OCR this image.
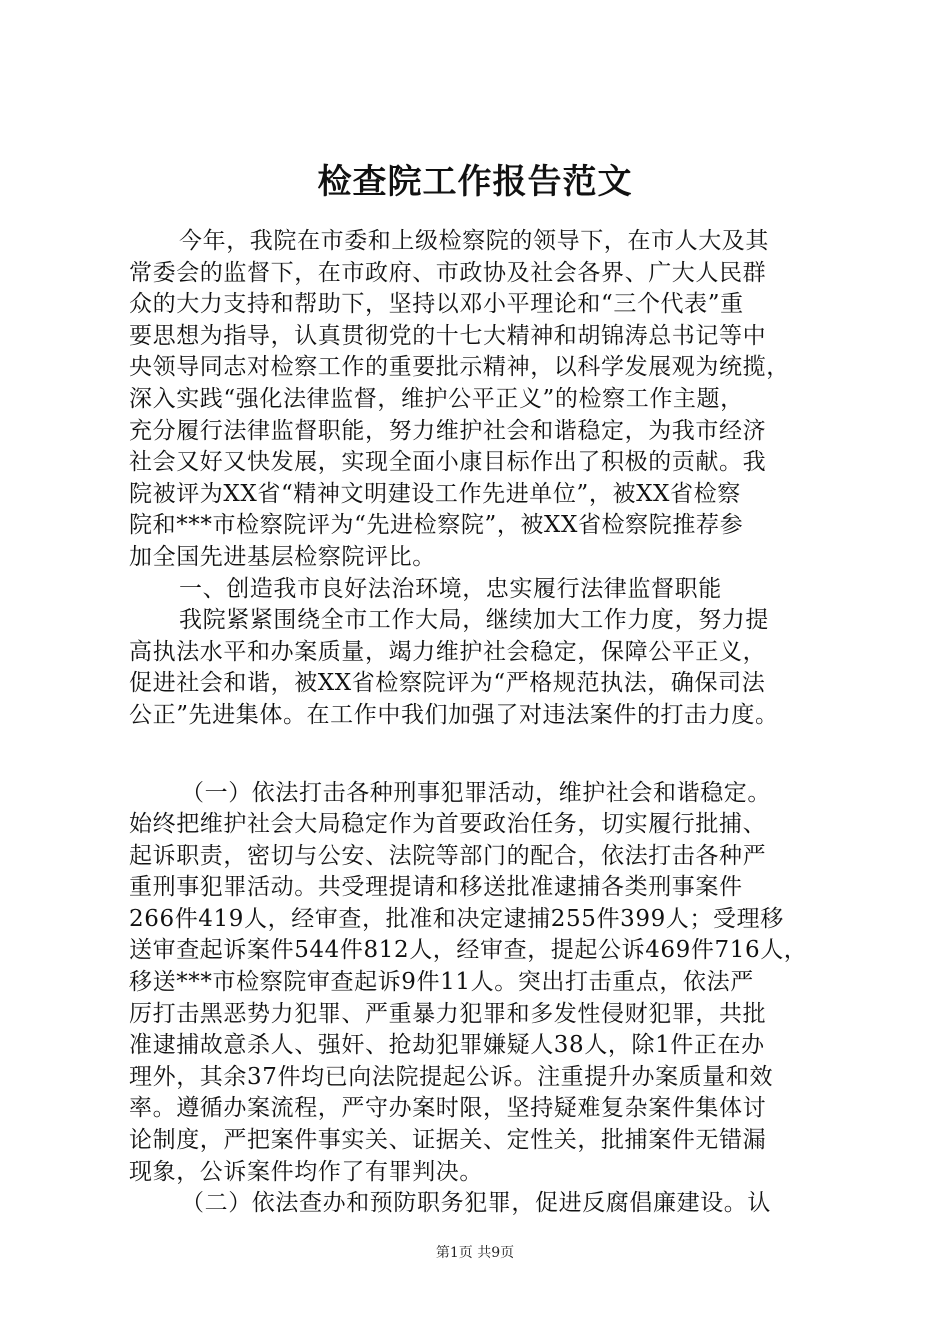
检查院工作报告范文
今年，我院在市委和上级检察院的领导下，在市人大及其
常委会的监督下，在市政府、市政协及社会各界、广大人民群
众的大力支持和帮助下，坚持以邓小平理论和“三个代表”重
要思想为指导，认真贯彻党的十七大精神和胡锦涛总书记等中
央领导同志对检察工作的重要批示精神，以科学发展观为统揽，
深入实践“强化法律监督，维护公平正义”的检察工作主题，
充分履行法律监督职能，努力维护社会和谐稳定，为我市经济
社会又好又快发展，实现全面小康目标作出了积极的贡献。我
院被评为XX省“精神文明建设工作先进单位”，被XX省检察
院和***市检察院评为“先进检察院”，被XX省检察院推荐参
加全国先进基层检察院评比。
一、创造我市良好法治环境，忠实履行法律监督职能
我院紧紧围绕全市工作大局，继续加大工作力度，努力提
高执法水平和办案质量，竭力维护社会稳定，保障公平正义，
促进社会和谐，被XX省检察院评为“严格规范执法，确保司法
公正”先进集体。在工作中我们加强了对违法案件的打击力度。
（一）依法打击各种刑事犯罪活动，维护社会和谐稳定。
始终把维护社会大局稳定作为首要政治任务，切实履行批捕、
起诉职责，密切与公安、法院等部门的配合，依法打击各种严
重刑事犯罪活动。共受理提请和移送批准逮捕各类刑事案件
266件419人，经审查，批准和决定逮捕255件399人；受理移
送审查起诉案件544件812人，经审查，提起公诉469件716人，
移送***市检察院审查起诉9件11人。突出打击重点，依法严
厉打击黑恶势力犯罪、严重暴力犯罪和多发性侵财犯罪，共批
准逮捕故意杀人、强奸、抢劫犯罪嫌疑人38人，除1件正在办
理外，其余37件均已向法院提起公诉。注重提升办案质量和效
率。遵循办案流程，严守办案时限，坚持疑难复杂案件集体讨
论制度，严把案件事实关、证据关、定性关，批捕案件无错漏
现象，公诉案件均作了有罪判决。
（二）依法查办和预防职务犯罪，促进反腐倡廉建设。认
第1页 共9页
